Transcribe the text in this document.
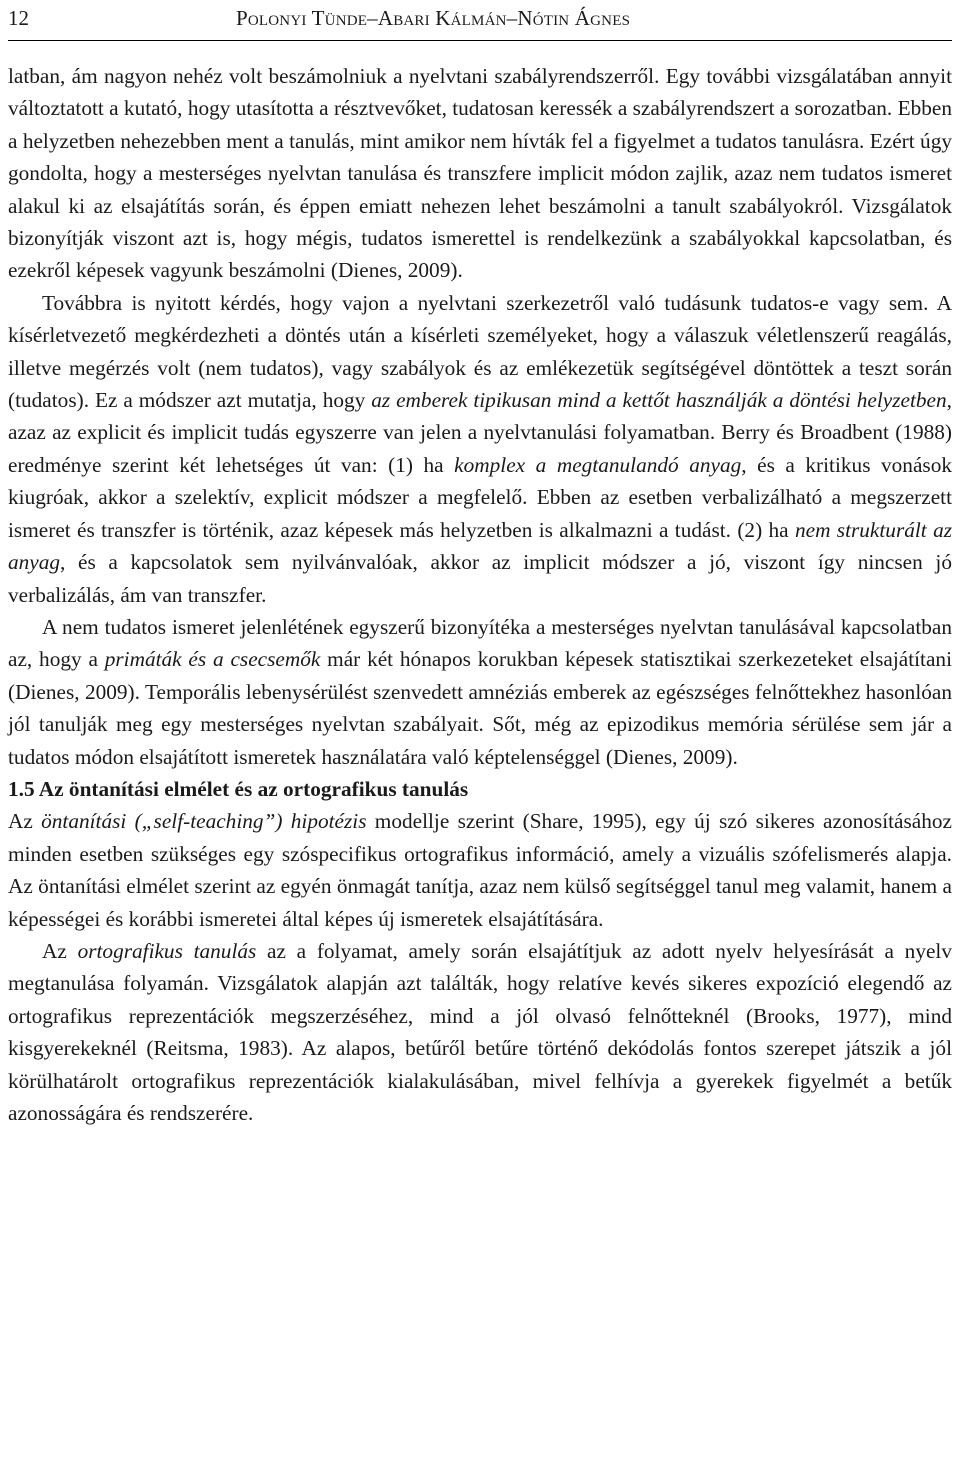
12	Polonyi Tünde–Abari Kálmán–Nótin Ágnes

latban, ám nagyon nehéz volt beszámolniuk a nyelvtani szabályrendszerről. Egy további vizsgálatában annyit változtatott a kutató, hogy utasította a résztvevőket, tudatosan keressék a szabályrendszert a sorozatban. Ebben a helyzetben nehezebben ment a tanulás, mint amikor nem hívták fel a figyelmet a tudatos tanulásra. Ezért úgy gondolta, hogy a mesterséges nyelvtan tanulása és transzfere implicit módon zajlik, azaz nem tudatos ismeret alakul ki az elsajátítás során, és éppen emiatt nehezen lehet beszámolni a tanult szabályokról. Vizsgálatok bizonyítják viszont azt is, hogy mégis, tudatos ismerettel is rendelkezünk a szabályokkal kapcsolatban, és ezekről képesek vagyunk beszámolni (Dienes, 2009).

Továbbra is nyitott kérdés, hogy vajon a nyelvtani szerkezetről való tudásunk tudatos-e vagy sem. A kísérletvezető megkérdezheti a döntés után a kísérleti személyeket, hogy a válaszuk véletlenszerű reagálás, illetve megérzés volt (nem tudatos), vagy szabályok és az emlékezetük segítségével döntöttek a teszt során (tudatos). Ez a módszer azt mutatja, hogy az emberek tipikusan mind a kettőt használják a döntési helyzetben, azaz az explicit és implicit tudás egyszerre van jelen a nyelvtanulási folyamatban. Berry és Broadbent (1988) eredménye szerint két lehetséges út van: (1) ha komplex a megtanulandó anyag, és a kritikus vonások kiugróak, akkor a szelektív, explicit módszer a megfelelő. Ebben az esetben verbalizálható a megszerzett ismeret és transzfer is történik, azaz képesek más helyzetben is alkalmazni a tudást. (2) ha nem strukturált az anyag, és a kapcsolatok sem nyilvánvalóak, akkor az implicit módszer a jó, viszont így nincsen jó verbalizálás, ám van transzfer.

A nem tudatos ismeret jelenlétének egyszerű bizonyítéka a mesterséges nyelvtan tanulásával kapcsolatban az, hogy a primáták és a csecsemők már két hónapos korukban képesek statisztikai szerkezeteket elsajátítani (Dienes, 2009). Temporális lebenysérülést szenvedett amnéziás emberek az egészséges felnőttekhez hasonlóan jól tanulják meg egy mesterséges nyelvtan szabályait. Sőt, még az epizodikus memória sérülése sem jár a tudatos módon elsajátított ismeretek használatára való képtelenséggel (Dienes, 2009).

1.5 Az öntanítási elmélet és az ortografikus tanulás

Az öntanítási („self-teaching”) hipotézis modellje szerint (Share, 1995), egy új szó sikeres azonosításához minden esetben szükséges egy szóspecifikus ortografikus információ, amely a vizuális szófelismerés alapja. Az öntanítási elmélet szerint az egyén önmagát tanítja, azaz nem külső segítséggel tanul meg valamit, hanem a képességei és korábbi ismeretei által képes új ismeretek elsajátítására.

Az ortografikus tanulás az a folyamat, amely során elsajátítjuk az adott nyelv helyesírását a nyelv megtanulása folyamán. Vizsgálatok alapján azt találták, hogy relatíve kevés sikeres expozíció elegendő az ortografikus reprezentációk megszerzéséhez, mind a jól olvasó felnőtteknél (Brooks, 1977), mind kisgyerekeknél (Reitsma, 1983). Az alapos, betűről betűre történő dekódolás fontos szerepet játszik a jól körülhatárolt ortografikus reprezentációk kialakulásában, mivel felhívja a gyerekek figyelmét a betűk azonosságára és rendszerére.
